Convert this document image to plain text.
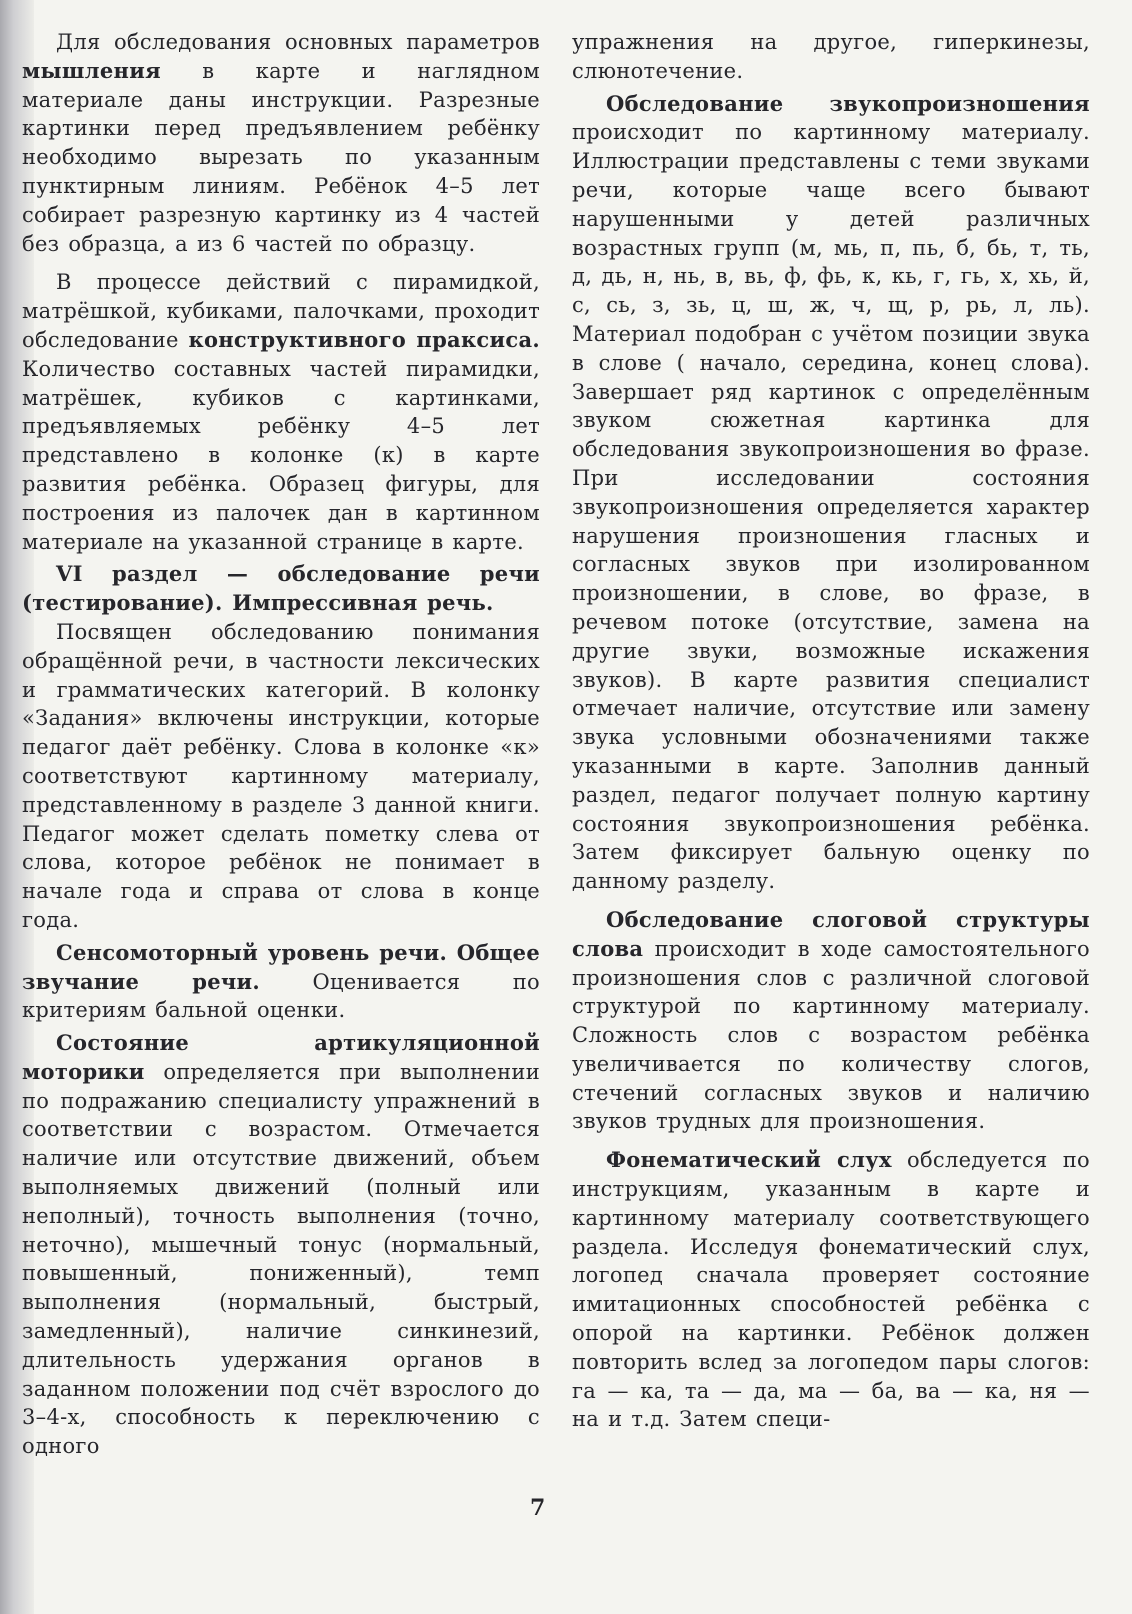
Для обследования основных параметров мышления в карте и наглядном материале даны инструкции. Разрезные картинки перед предъявлением ребёнку необходимо вырезать по указанным пунктирным линиям. Ребёнок 4–5 лет собирает разрезную картинку из 4 частей без образца, а из 6 частей по образцу.

В процессе действий с пирамидкой, матрёшкой, кубиками, палочками, проходит обследование конструктивного праксиса. Количество составных частей пирамидки, матрёшек, кубиков с картинками, предъявляемых ребёнку 4–5 лет представлено в колонке (к) в карте развития ребёнка. Образец фигуры, для построения из палочек дан в картинном материале на указанной странице в карте.

VI раздел — обследование речи (тестирование). Импрессивная речь.

Посвящен обследованию понимания обращённой речи, в частности лексических и грамматических категорий. В колонку «Задания» включены инструкции, которые педагог даёт ребёнку. Слова в колонке «к» соответствуют картинному материалу, представленному в разделе 3 данной книги. Педагог может сделать пометку слева от слова, которое ребёнок не понимает в начале года и справа от слова в конце года.

Сенсомоторный уровень речи. Общее звучание речи. Оценивается по критериям бальной оценки.

Состояние артикуляционной моторики определяется при выполнении по подражанию специалисту упражнений в соответствии с возрастом. Отмечается наличие или отсутствие движений, объем выполняемых движений (полный или неполный), точность выполнения (точно, неточно), мышечный тонус (нормальный, повышенный, пониженный), темп выполнения (нормальный, быстрый, замедленный), наличие синкинезий, длительность удержания органов в заданном положении под счёт взрослого до 3–4-х, способность к переключению с одного

упражнения на другое, гиперкинезы, слюнотечение.

Обследование звукопроизношения происходит по картинному материалу. Иллюстрации представлены с теми звуками речи, которые чаще всего бывают нарушенными у детей различных возрастных групп (м, мь, п, пь, б, бь, т, ть, д, дь, н, нь, в, вь, ф, фь, к, кь, г, гь, х, хь, й, с, сь, з, зь, ц, ш, ж, ч, щ, р, рь, л, ль). Материал подобран с учётом позиции звука в слове ( начало, середина, конец слова). Завершает ряд картинок с определённым звуком сюжетная картинка для обследования звукопроизношения во фразе. При исследовании состояния звукопроизношения определяется характер нарушения произношения гласных и согласных звуков при изолированном произношении, в слове, во фразе, в речевом потоке (отсутствие, замена на другие звуки, возможные искажения звуков). В карте развития специалист отмечает наличие, отсутствие или замену звука условными обозначениями также указанными в карте. Заполнив данный раздел, педагог получает полную картину состояния звукопроизношения ребёнка. Затем фиксирует бальную оценку по данному разделу.

Обследование слоговой структуры слова происходит в ходе самостоятельного произношения слов с различной слоговой структурой по картинному материалу. Сложность слов с возрастом ребёнка увеличивается по количеству слогов, стечений согласных звуков и наличию звуков трудных для произношения.

Фонематический слух обследуется по инструкциям, указанным в карте и картинному материалу соответствующего раздела. Исследуя фонематический слух, логопед сначала проверяет состояние имитационных способностей ребёнка с опорой на картинки. Ребёнок должен повторить вслед за логопедом пары слогов: га — ка, та — да, ма — ба, ва — ка, ня — на и т.д. Затем специ-

7
